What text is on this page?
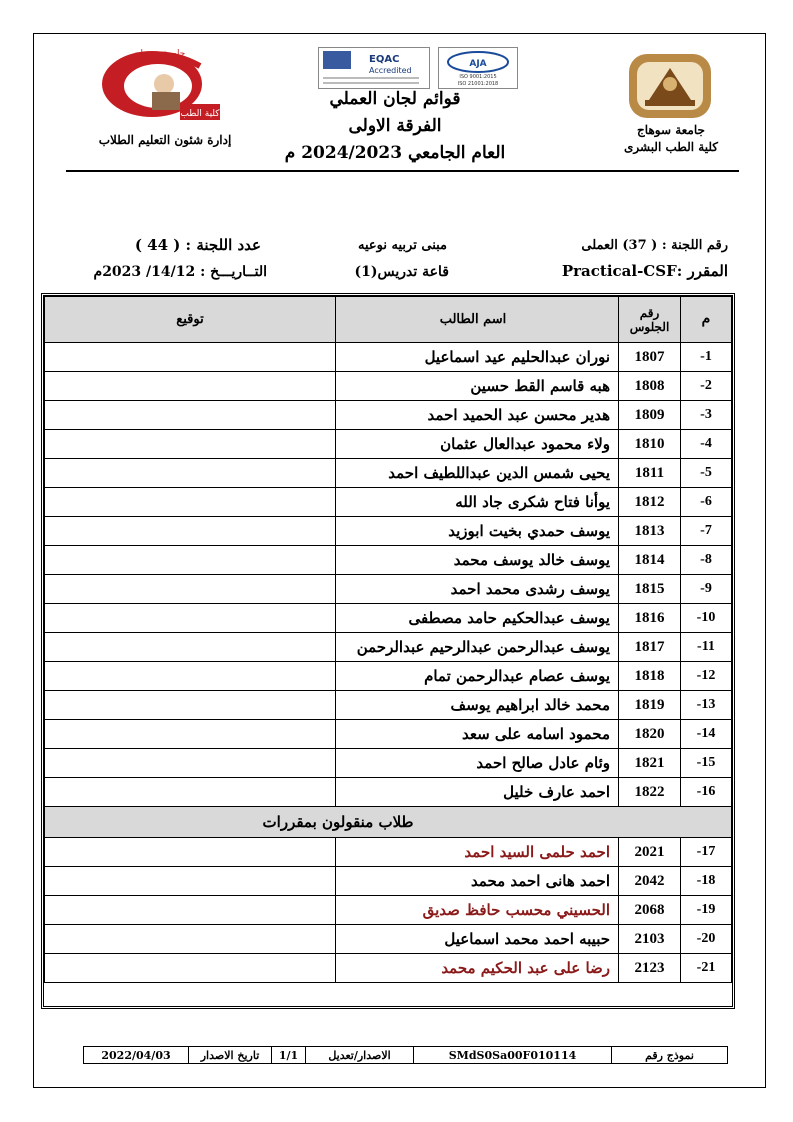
كلية الطب
جامعة سوهاج
إدارة شئون التعليم الطلاب
EQAC
Accredited
AJA
ISO 9001:2015
ISO 21001:2018
قوائم لجان العملي
الفرقة الاولى
العام الجامعي 2024/2023 م
جامعة سوهاج
كلية الطب البشرى
رقم اللجنة : ( 37) العملى
مبنى تربيه نوعيه
عدد اللجنة : ( 44 )
المقرر :Practical-CSF
قاعة تدريس(1)
التــاريـــخ : 14/12/ 2023م
م	رقم الجلوس	اسم الطالب	توقيع
-1	1807	نوران عبدالحليم عيد اسماعيل	
-2	1808	هبه قاسم القط حسين	
-3	1809	هدير محسن عبد الحميد احمد	
-4	1810	ولاء محمود عبدالعال عثمان	
-5	1811	يحيى شمس الدين عبداللطيف احمد	
-6	1812	يوأنا فتاح شكرى جاد الله	
-7	1813	يوسف حمدي بخيت ابوزيد	
-8	1814	يوسف خالد يوسف محمد	
-9	1815	يوسف رشدى محمد احمد	
-10	1816	يوسف عبدالحكيم حامد مصطفى	
-11	1817	يوسف عبدالرحمن عبدالرحيم عبدالرحمن	
-12	1818	يوسف عصام عبدالرحمن تمام	
-13	1819	محمد خالد ابراهيم يوسف	
-14	1820	محمود اسامه على سعد	
-15	1821	وئام عادل صالح احمد	
-16	1822	احمد عارف خليل	
طلاب منقولون بمقررات			
-17	2021	احمد حلمى السيد احمد	
-18	2042	احمد هانى احمد محمد	
-19	2068	الحسيني محسب حافظ صديق	
-20	2103	حبيبه احمد محمد اسماعيل	
-21	2123	رضا على عبد الحكيم محمد	
2022/04/03	تاريخ الاصدار	1/1	الاصدار/تعديل	SMdS0Sa00F010114	نموذج رقم
